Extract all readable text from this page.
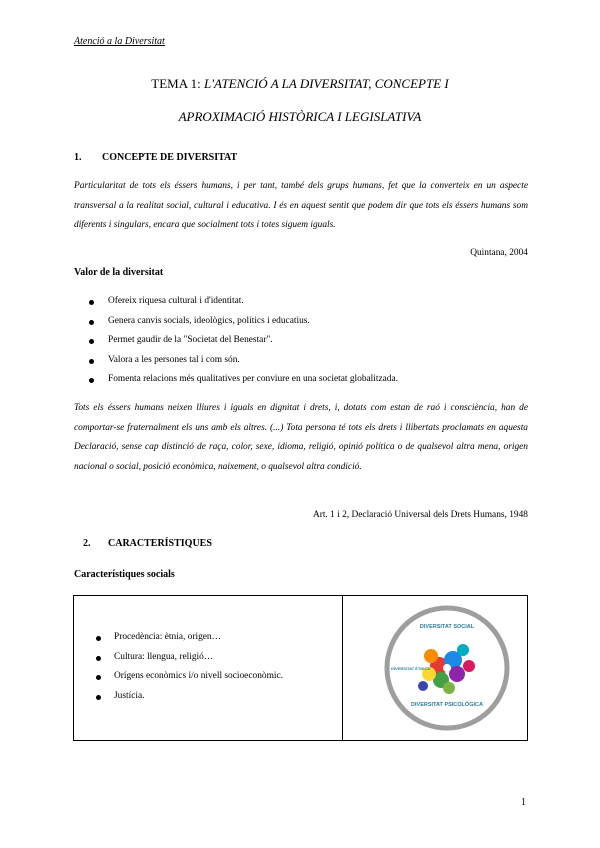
Atenció a la Diversitat
TEMA 1: L'ATENCIÓ A LA DIVERSITAT, CONCEPTE I
APROXIMACIÓ HISTÒRICA I LEGISLATIVA
1. CONCEPTE DE DIVERSITAT

Particularitat de tots els éssers humans, i per tant, també dels grups humans, fet que la converteix en un aspecte transversal a la realitat social, cultural i educativa. I és en aquest sentit que podem dir que tots els éssers humans som diferents i singulars, encara que socialment tots i totes siguem iguals.

Quintana, 2004
Valor de la diversitat
Ofereix riquesa cultural i d'identitat.
Genera canvis socials, ideològics, polítics i educatius.
Permet gaudir de la "Societat del Benestar".
Valora a les persones tal i com són.
Fomenta relacions més qualitatives per conviure en una societat globalitzada.

Tots els éssers humans neixen lliures i iguals en dignitat i drets, i, dotats com estan de raó i consciència, han de comportar-se fraternalment els uns amb els altres. (...) Tota persona té tots els drets i llibertats proclamats en aquesta Declaració, sense cap distinció de raça, color, sexe, idioma, religió, opinió política o de qualsevol altra mena, origen nacional o social, posició econòmica, naixement, o qualsevol altra condició.

Art. 1 i 2, Declaració Universal dels Drets Humans, 1948
2. CARACTERÍSTIQUES
Característiques socials
Procedència: ètnia, origen…
Cultura: llengua, religió…
Orígens econòmics i/o nivell socioeconòmic.
Justícia.
DIVERSITAT SOCIAL
DIVERSITAT PSICOLÒGICA
DIVERSITAT ÈTNICA
1
